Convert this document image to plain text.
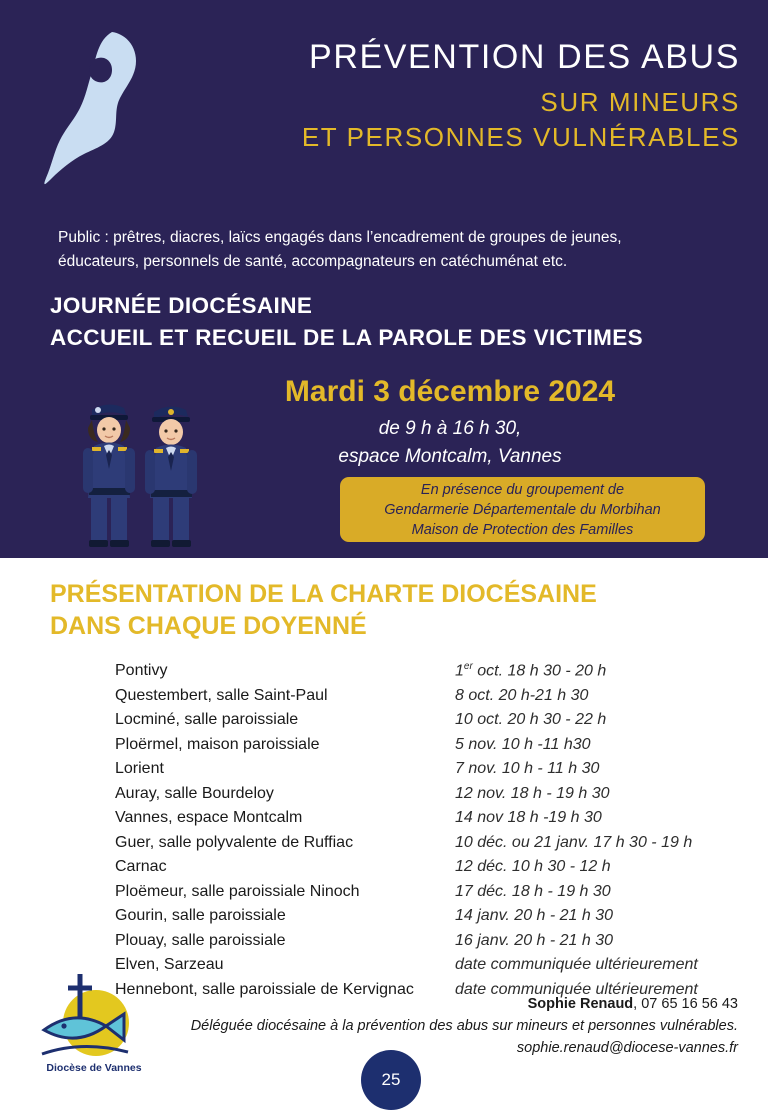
PRÉVENTION DES ABUS
SUR MINEURS
ET PERSONNES VULNÉRABLES
Public : prêtres, diacres, laïcs engagés dans l’encadrement de groupes de jeunes,
éducateurs, personnels de santé, accompagnateurs en catéchuménat etc.
JOURNÉE DIOCÉSAINE
ACCUEIL ET RECUEIL DE LA PAROLE DES VICTIMES
Mardi 3 décembre 2024
de 9 h à 16 h 30,
espace Montcalm, Vannes
En présence du groupement de
Gendarmerie Départementale du Morbihan
Maison de Protection des Familles
PRÉSENTATION DE LA CHARTE DIOCÉSAINE
DANS CHAQUE DOYENNÉ
Pontivy	1er oct. 18 h 30 - 20 h
Questembert, salle Saint-Paul	8 oct. 20 h-21 h 30
Locminé, salle paroissiale	10 oct. 20 h 30 - 22 h
Ploërmel, maison paroissiale	5 nov. 10 h -11 h30
Lorient	7 nov. 10 h - 11 h 30
Auray, salle Bourdeloy	12 nov. 18 h - 19 h 30
Vannes, espace Montcalm	14 nov 18 h -19 h 30
Guer, salle polyvalente de Ruffiac	10 déc. ou 21 janv. 17 h 30 - 19 h
Carnac	12 déc. 10 h 30 - 12 h
Ploëmeur, salle paroissiale Ninoch	17 déc. 18 h - 19 h 30
Gourin, salle paroissiale	14 janv. 20 h - 21 h 30
Plouay, salle paroissiale	16 janv. 20 h - 21 h 30
Elven, Sarzeau	date communiquée ultérieurement
Hennebont, salle paroissiale de Kervignac	date communiquée ultérieurement
Diocèse de Vannes
Sophie Renaud, 07 65 16 56 43
Déléguée diocésaine à la prévention des abus sur mineurs et personnes vulnérables.
sophie.renaud@diocese-vannes.fr
25
